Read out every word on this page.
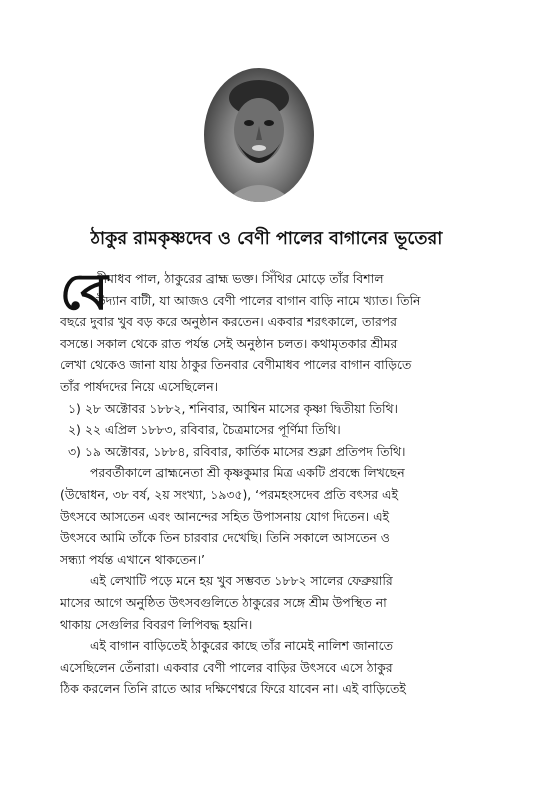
ঠাকুর রামকৃষ্ণদেব ও বেণী পালের বাগানের ভূতেরা
বে
ণীমাধব পাল, ঠাকুরের ব্রাহ্ম ভক্ত। সিঁথির মোড়ে তাঁর বিশাল
উদ্যান বাটী, যা আজও বেণী পালের বাগান বাড়ি নামে খ্যাত। তিনি
বছরে দুবার খুব বড় করে অনুষ্ঠান করতেন। একবার শরৎকালে, তারপর
বসন্তে। সকাল থেকে রাত পর্যন্ত সেই অনুষ্ঠান চলত। কথামৃতকার শ্রীমর
লেখা থেকেও জানা যায় ঠাকুর তিনবার বেণীমাধব পালের বাগান বাড়িতে
তাঁর পার্ষদদের নিয়ে এসেছিলেন।
১) ২৮ অক্টোবর ১৮৮২, শনিবার, আশ্বিন মাসের কৃষ্ণা দ্বিতীয়া তিথি।
২) ২২ এপ্রিল ১৮৮৩, রবিবার, চৈত্রমাসের পূর্ণিমা তিথি।
৩) ১৯ অক্টোবর, ১৮৮৪, রবিবার, কার্তিক মাসের শুক্লা প্রতিপদ তিথি।
পরবর্তীকালে ব্রাহ্মনেতা শ্রী কৃষ্ণকুমার মিত্র একটি প্রবন্ধে লিখছেন
(উদ্বোধন, ৩৮ বর্ষ, ২য় সংখ্যা, ১৯৩৫), ‘পরমহংসদেব প্রতি বৎসর এই
উৎসবে আসতেন এবং আনন্দের সহিত উপাসনায় যোগ দিতেন। এই
উৎসবে আমি তাঁকে তিন চারবার দেখেছি। তিনি সকালে আসতেন ও
সন্ধ্যা পর্যন্ত এখানে থাকতেন।’
এই লেখাটি পড়ে মনে হয় খুব সম্ভবত ১৮৮২ সালের ফেব্রুয়ারি
মাসের আগে অনুষ্ঠিত উৎসবগুলিতে ঠাকুরের সঙ্গে শ্রীম উপস্থিত না
থাকায় সেগুলির বিবরণ লিপিবদ্ধ হয়নি।
এই বাগান বাড়িতেই ঠাকুরের কাছে তাঁর নামেই নালিশ জানাতে
এসেছিলেন তেঁনারা। একবার বেণী পালের বাড়ির উৎসবে এসে ঠাকুর
ঠিক করলেন তিনি রাতে আর দক্ষিণেশ্বরে ফিরে যাবেন না। এই বাড়িতেই
